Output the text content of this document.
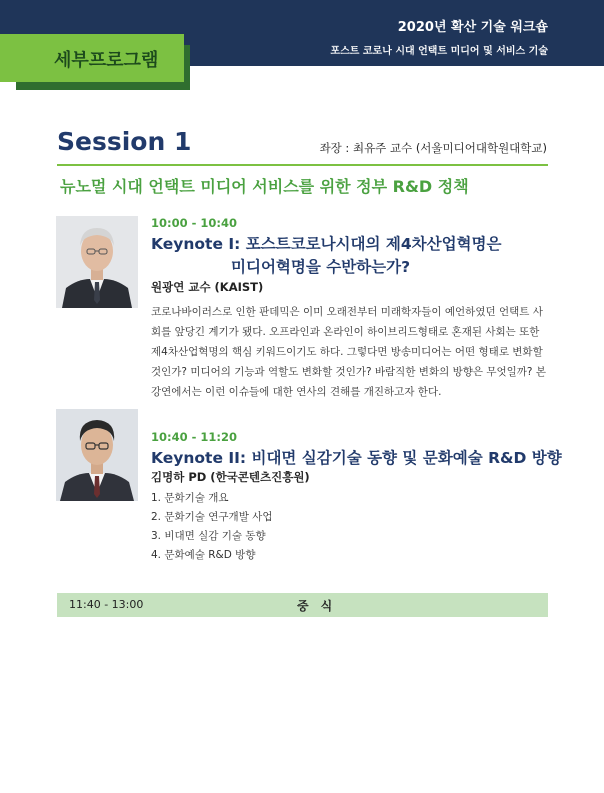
2020년 확산 기술 워크숍
포스트 코로나 시대 언택트 미디어 및 서비스 기술
세부프로그램
Session 1	좌장 : 최유주 교수 (서울미디어대학원대학교)
뉴노멀 시대 언택트 미디어 서비스를 위한 정부 R&D 정책
10:00 - 10:40
Keynote I: 포스트코로나시대의 제4차산업혁명은
미디어혁명을 수반하는가?
원광연 교수 (KAIST)
코로나바이러스로 인한 판데믹은 이미 오래전부터 미래학자들이 예언하였던 언택트 사회를 앞당긴 계기가 됐다. 오프라인과 온라인이 하이브리드형태로 혼재된 사회는 또한 제4차산업혁명의 핵심 키워드이기도 하다. 그렇다면 방송미디어는 어떤 형태로 변화할 것인가? 미디어의 기능과 역할도 변화할 것인가? 바람직한 변화의 방향은 무엇일까? 본 강연에서는 이런 이슈들에 대한 연사의 견해를 개진하고자 한다.
10:40 - 11:20
Keynote II: 비대면 실감기술 동향 및 문화예술 R&D 방향
김명하 PD (한국콘텐츠진흥원)
1. 문화기술 개요
2. 문화기술 연구개발 사업
3. 비대면 실감 기술 동향
4. 문화예술 R&D 방향
11:40 - 13:00	중식
